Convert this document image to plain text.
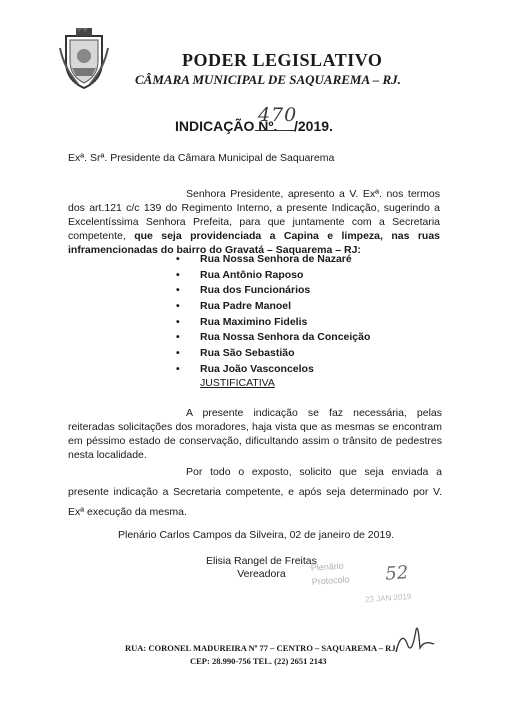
PODER LEGISLATIVO
CÂMARA MUNICIPAL DE SAQUAREMA – RJ.
INDICAÇÃO Nº.
470
/2019.
Exª. Srª. Presidente da Câmara Municipal de Saquarema

Senhora Presidente, apresento a V. Exª. nos termos dos art.121 c/c 139 do Regimento Interno, a presente Indicação, sugerindo a Excelentíssima Senhora Prefeita, para que juntamente com a Secretaria competente, que seja providenciada a Capina e limpeza, nas ruas inframencionadas do bairro do Gravatá – Saquarema – RJ:

• Rua Nossa Senhora de Nazaré
• Rua Antônio Raposo
• Rua dos Funcionários
• Rua Padre Manoel
• Rua Maximino Fidelis
• Rua Nossa Senhora da Conceição
• Rua São Sebastião
• Rua João Vasconcelos
JUSTIFICATIVA

A presente indicação se faz necessária, pelas reiteradas solicitações dos moradores, haja vista que as mesmas se encontram em péssimo estado de conservação, dificultando assim o trânsito de pedestres nesta localidade.

Por todo o exposto, solicito que seja enviada a presente indicação a Secretaria competente, e após seja determinado por V. Exª execução da mesma.

Plenário Carlos Campos da Silveira, 02 de janeiro de 2019.
Elisia Rangel de Freitas
Vereadora
Plenário
Protocolo 52
23 JAN 2019
RUA: CORONEL MADUREIRA Nº 77 – CENTRO – SAQUAREMA – RJ.
CEP: 28.990-756 TEL. (22) 2651 2143
